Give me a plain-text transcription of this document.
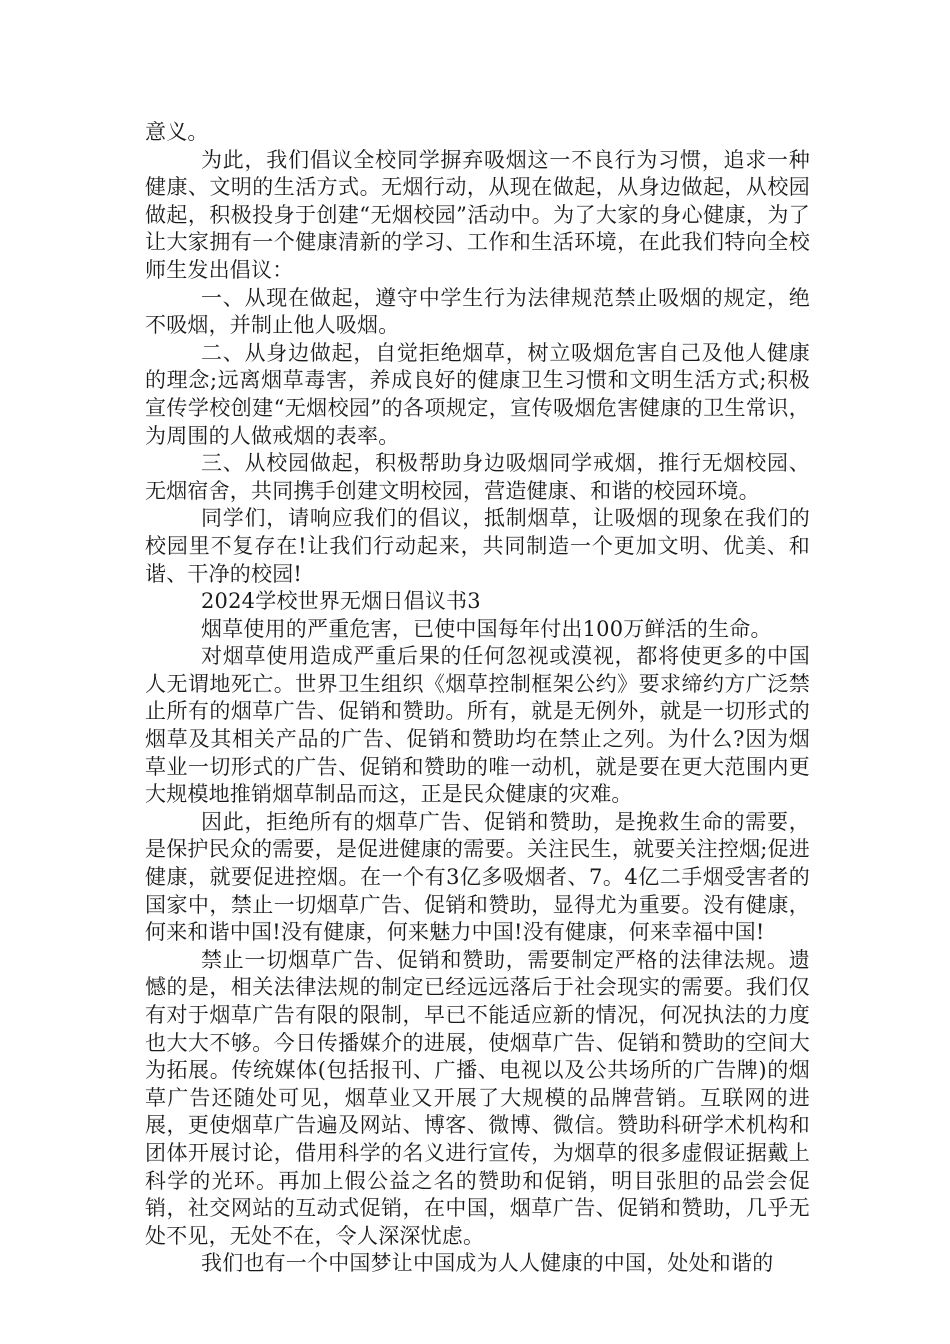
意义。

为此，我们倡议全校同学摒弃吸烟这一不良行为习惯，追求一种健康、文明的生活方式。无烟行动，从现在做起，从身边做起，从校园做起，积极投身于创建“无烟校园”活动中。为了大家的身心健康，为了让大家拥有一个健康清新的学习、工作和生活环境，在此我们特向全校师生发出倡议：

一、从现在做起，遵守中学生行为法律规范禁止吸烟的规定，绝不吸烟，并制止他人吸烟。

二、从身边做起，自觉拒绝烟草，树立吸烟危害自己及他人健康的理念;远离烟草毒害，养成良好的健康卫生习惯和文明生活方式;积极宣传学校创建“无烟校园”的各项规定，宣传吸烟危害健康的卫生常识，为周围的人做戒烟的表率。

三、从校园做起，积极帮助身边吸烟同学戒烟，推行无烟校园、无烟宿舍，共同携手创建文明校园，营造健康、和谐的校园环境。

同学们，请响应我们的倡议，抵制烟草，让吸烟的现象在我们的校园里不复存在!让我们行动起来，共同制造一个更加文明、优美、和谐、干净的校园!

2024学校世界无烟日倡议书3

烟草使用的严重危害，已使中国每年付出100万鲜活的生命。

对烟草使用造成严重后果的任何忽视或漠视，都将使更多的中国人无谓地死亡。世界卫生组织《烟草控制框架公约》要求缔约方广泛禁止所有的烟草广告、促销和赞助。所有，就是无例外，就是一切形式的烟草及其相关产品的广告、促销和赞助均在禁止之列。为什么?因为烟草业一切形式的广告、促销和赞助的唯一动机，就是要在更大范围内更大规模地推销烟草制品而这，正是民众健康的灾难。

因此，拒绝所有的烟草广告、促销和赞助，是挽救生命的需要，是保护民众的需要，是促进健康的需要。关注民生，就要关注控烟;促进健康，就要促进控烟。在一个有3亿多吸烟者、7。4亿二手烟受害者的国家中，禁止一切烟草广告、促销和赞助，显得尤为重要。没有健康，何来和谐中国!没有健康，何来魅力中国!没有健康，何来幸福中国!

禁止一切烟草广告、促销和赞助，需要制定严格的法律法规。遗憾的是，相关法律法规的制定已经远远落后于社会现实的需要。我们仅有对于烟草广告有限的限制，早已不能适应新的情况，何况执法的力度也大大不够。今日传播媒介的进展，使烟草广告、促销和赞助的空间大为拓展。传统媒体(包括报刊、广播、电视以及公共场所的广告牌)的烟草广告还随处可见，烟草业又开展了大规模的品牌营销。互联网的进展，更使烟草广告遍及网站、博客、微博、微信。赞助科研学术机构和团体开展讨论，借用科学的名义进行宣传，为烟草的很多虚假证据戴上科学的光环。再加上假公益之名的赞助和促销，明目张胆的品尝会促销，社交网站的互动式促销，在中国，烟草广告、促销和赞助，几乎无处不见，无处不在，令人深深忧虑。

我们也有一个中国梦让中国成为人人健康的中国，处处和谐的
